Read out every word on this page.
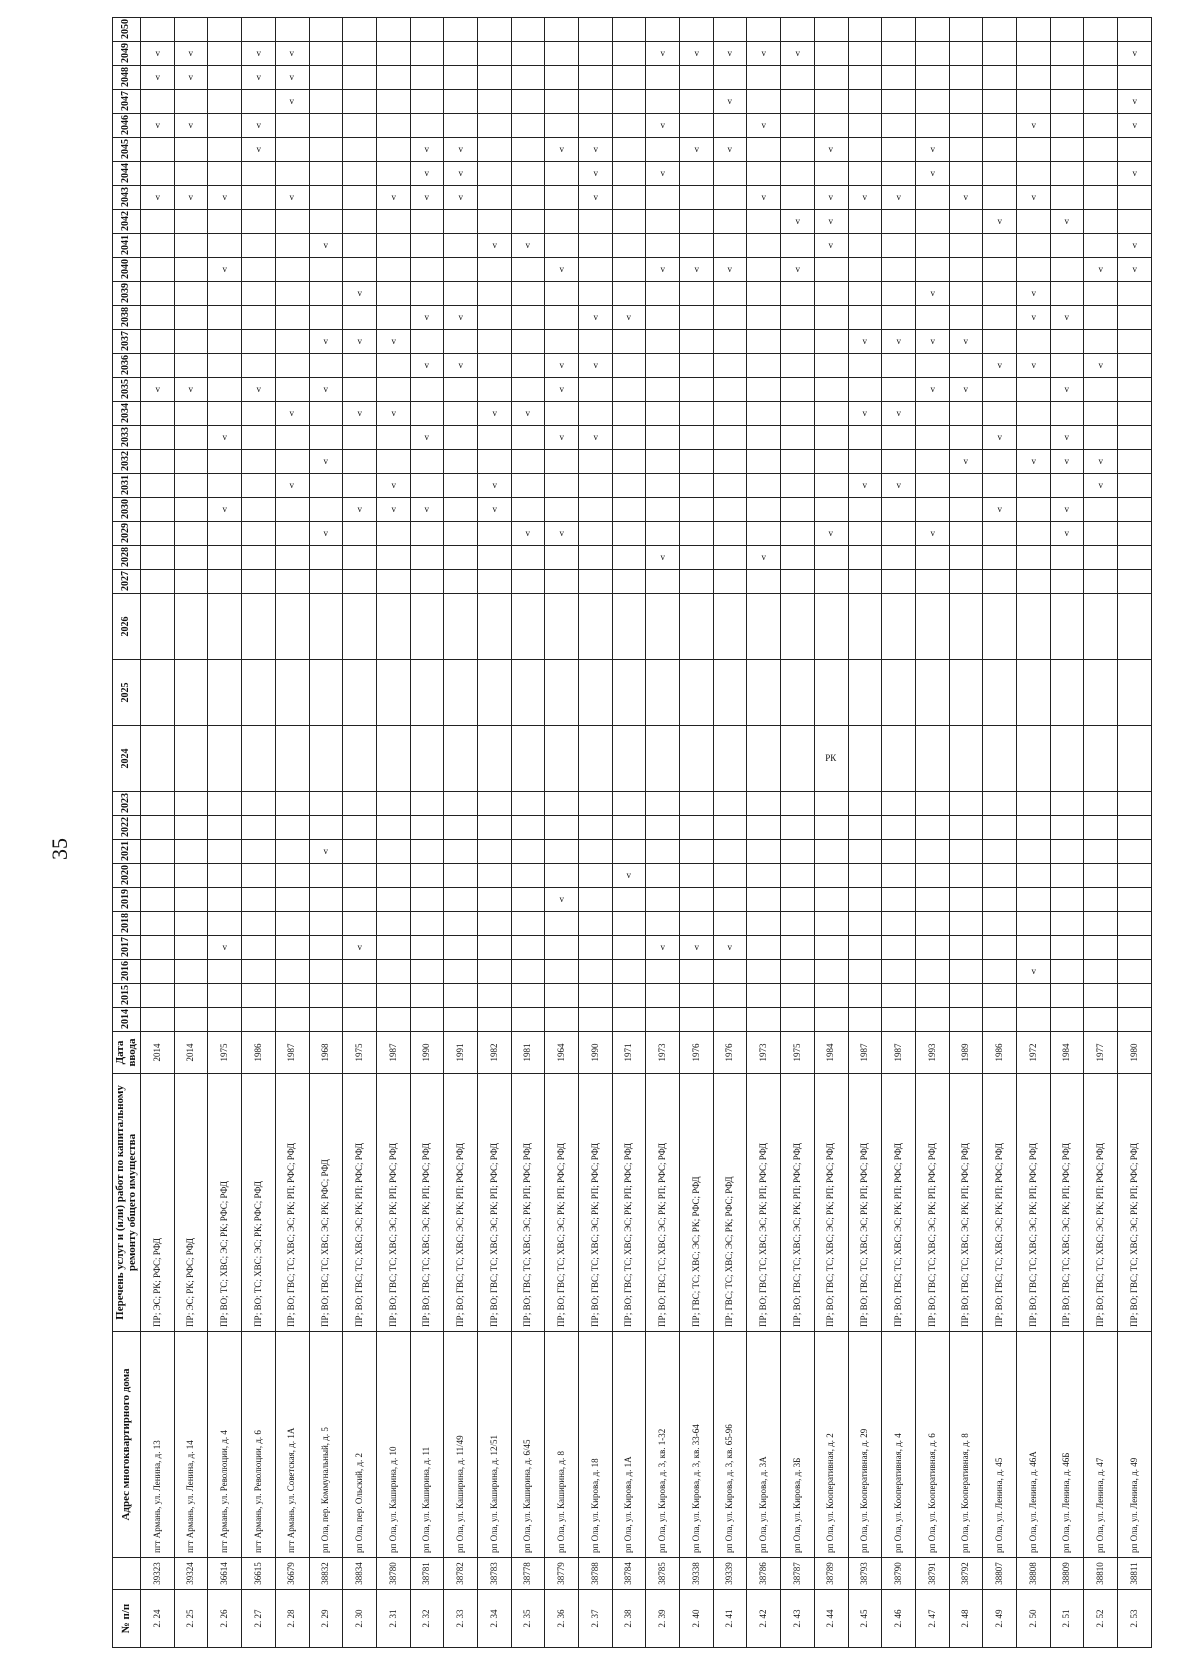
35
№ п/п		Адрес многоквартирного дома	Перечень услуг и (или) работ по капитальному ремонту общего имущества	Дата ввода	2014	2015	2016	2017	2018	2019	2020	2021	2022	2023	2024	2025	2026	2027	2028	2029	2030	2031	2032	2033	2034	2035	2036	2037	2038	2039	2040	2041	2042	2043	2044	2045	2046	2047	2048	2049	2050
2. 24	39323	пгт Армань, ул. Ленина, д. 13	ПР; ЭС; РК; РФС; РФД	2014																						v								v			v		v	v	
2. 25	39324	пгт Армань, ул. Ленина, д. 14	ПР; ЭС; РК; РФС; РФД	2014																						v								v			v		v	v	
2. 26	36614	пгт Армань, ул. Революции, д. 4	ПР; ВО; ТС; ХВС; ЭС; РК; РФС; РФД	1975				v													v			v							v			v							
2. 27	36615	пгт Армань, ул. Революции, д. 6	ПР; ВО; ТС; ХВС; ЭС; РК; РФС; РФД	1986																						v										v	v		v	v	
2. 28	36679	пгт Армань, ул. Советская, д. 1А	ПР; ВО; ГВС; ТС; ХВС; ЭС; РК; РП; РФС; РФД	1987																		v			v									v				v	v	v	
2. 29	38832	рп Ола, пер. Коммунальный, д. 5	ПР; ВО; ГВС; ТС; ХВС; ЭС; РК; РФС; РФД	1968								v								v			v			v		v				v									
2. 30	38834	рп Ола, пер. Ольский, д. 2	ПР; ВО; ГВС; ТС; ХВС; ЭС; РК; РП; РФС; РФД	1975				v													v				v			v		v											
2. 31	38780	рп Ола, ул. Каширина, д. 10	ПР; ВО; ГВС; ТС; ХВС; ЭС; РК; РП; РФС; РФД	1987																	v	v			v			v						v							
2. 32	38781	рп Ола, ул. Каширина, д. 11	ПР; ВО; ГВС; ТС; ХВС; ЭС; РК; РП; РФС; РФД	1990																	v			v			v		v					v	v	v					
2. 33	38782	рп Ола, ул. Каширина, д. 11/49	ПР; ВО; ГВС; ТС; ХВС; ЭС; РК; РП; РФС; РФД	1991																							v		v					v	v	v					
2. 34	38783	рп Ола, ул. Каширина, д. 12/51	ПР; ВО; ГВС; ТС; ХВС; ЭС; РК; РП; РФС; РФД	1982																	v	v			v							v									
2. 35	38778	рп Ола, ул. Каширина, д. 6/45	ПР; ВО; ГВС; ТС; ХВС; ЭС; РК; РП; РФС; РФД	1981																v					v							v									
2. 36	38779	рп Ола, ул. Каширина, д. 8	ПР; ВО; ГВС; ТС; ХВС; ЭС; РК; РП; РФС; РФД	1964						v										v				v		v	v				v					v					
2. 37	38788	рп Ола, ул. Кирова, д. 18	ПР; ВО; ГВС; ТС; ХВС; ЭС; РК; РП; РФС; РФД	1990																				v			v		v					v	v	v					
2. 38	38784	рп Ола, ул. Кирова, д. 1А	ПР; ВО; ГВС; ТС; ХВС; ЭС; РК; РП; РФС; РФД	1971							v																		v												
2. 39	38785	рп Ола, ул. Кирова, д. 3, кв. 1-32	ПР; ВО; ГВС; ТС; ХВС; ЭС; РК; РП; РФС; РФД	1973				v											v												v				v		v			v	
2. 40	39338	рп Ола, ул. Кирова, д. 3, кв. 33-64	ПР; ГВС; ТС; ХВС; ЭС; РК; РФС; РФД	1976				v																							v					v				v	
2. 41	39339	рп Ола, ул. Кирова, д. 3, кв. 65-96	ПР; ГВС; ТС; ХВС; ЭС; РК; РФС; РФД	1976				v																							v					v		v		v	
2. 42	38786	рп Ола, ул. Кирова, д. 3А	ПР; ВО; ГВС; ТС; ХВС; ЭС; РК; РП; РФС; РФД	1973															v															v			v			v	
2. 43	38787	рп Ола, ул. Кирова, д. 3Б	ПР; ВО; ГВС; ТС; ХВС; ЭС; РК; РП; РФС; РФД	1975																											v		v							v	
2. 44	38789	рп Ола, ул. Кооперативная, д. 2	ПР; ВО; ГВС; ТС; ХВС; ЭС; РК; РП; РФС; РФД	1984											РК					v												v	v	v		v					
2. 45	38793	рп Ола, ул. Кооперативная, д. 29	ПР; ВО; ГВС; ТС; ХВС; ЭС; РК; РП; РФС; РФД	1987																		v			v			v						v							
2. 46	38790	рп Ола, ул. Кооперативная, д. 4	ПР; ВО; ГВС; ТС; ХВС; ЭС; РК; РП; РФС; РФД	1987																		v			v			v						v							
2. 47	38791	рп Ола, ул. Кооперативная, д. 6	ПР; ВО; ГВС; ТС; ХВС; ЭС; РК; РП; РФС; РФД	1993																v						v		v		v					v	v					
2. 48	38792	рп Ола, ул. Кооперативная, д. 8	ПР; ВО; ГВС; ТС; ХВС; ЭС; РК; РП; РФС; РФД	1989																			v			v		v						v							
2. 49	38807	рп Ола, ул. Ленина, д. 45	ПР; ВО; ГВС; ТС; ХВС; ЭС; РК; РП; РФС; РФД	1986																	v			v			v						v								
2. 50	38808	рп Ола, ул. Ленина, д. 46А	ПР; ВО; ГВС; ТС; ХВС; ЭС; РК; РП; РФС; РФД	1972			v																v				v		v	v				v			v				
2. 51	38809	рп Ола, ул. Ленина, д. 46Б	ПР; ВО; ГВС; ТС; ХВС; ЭС; РК; РП; РФС; РФД	1984																v	v		v	v		v			v				v								
2. 52	38810	рп Ола, ул. Ленина, д. 47	ПР; ВО; ГВС; ТС; ХВС; ЭС; РК; РП; РФС; РФД	1977																		v	v				v				v										
2. 53	38811	рп Ола, ул. Ленина, д. 49	ПР; ВО; ГВС; ТС; ХВС; ЭС; РК; РП; РФС; РФД	1980																											v	v			v		v	v		v	
